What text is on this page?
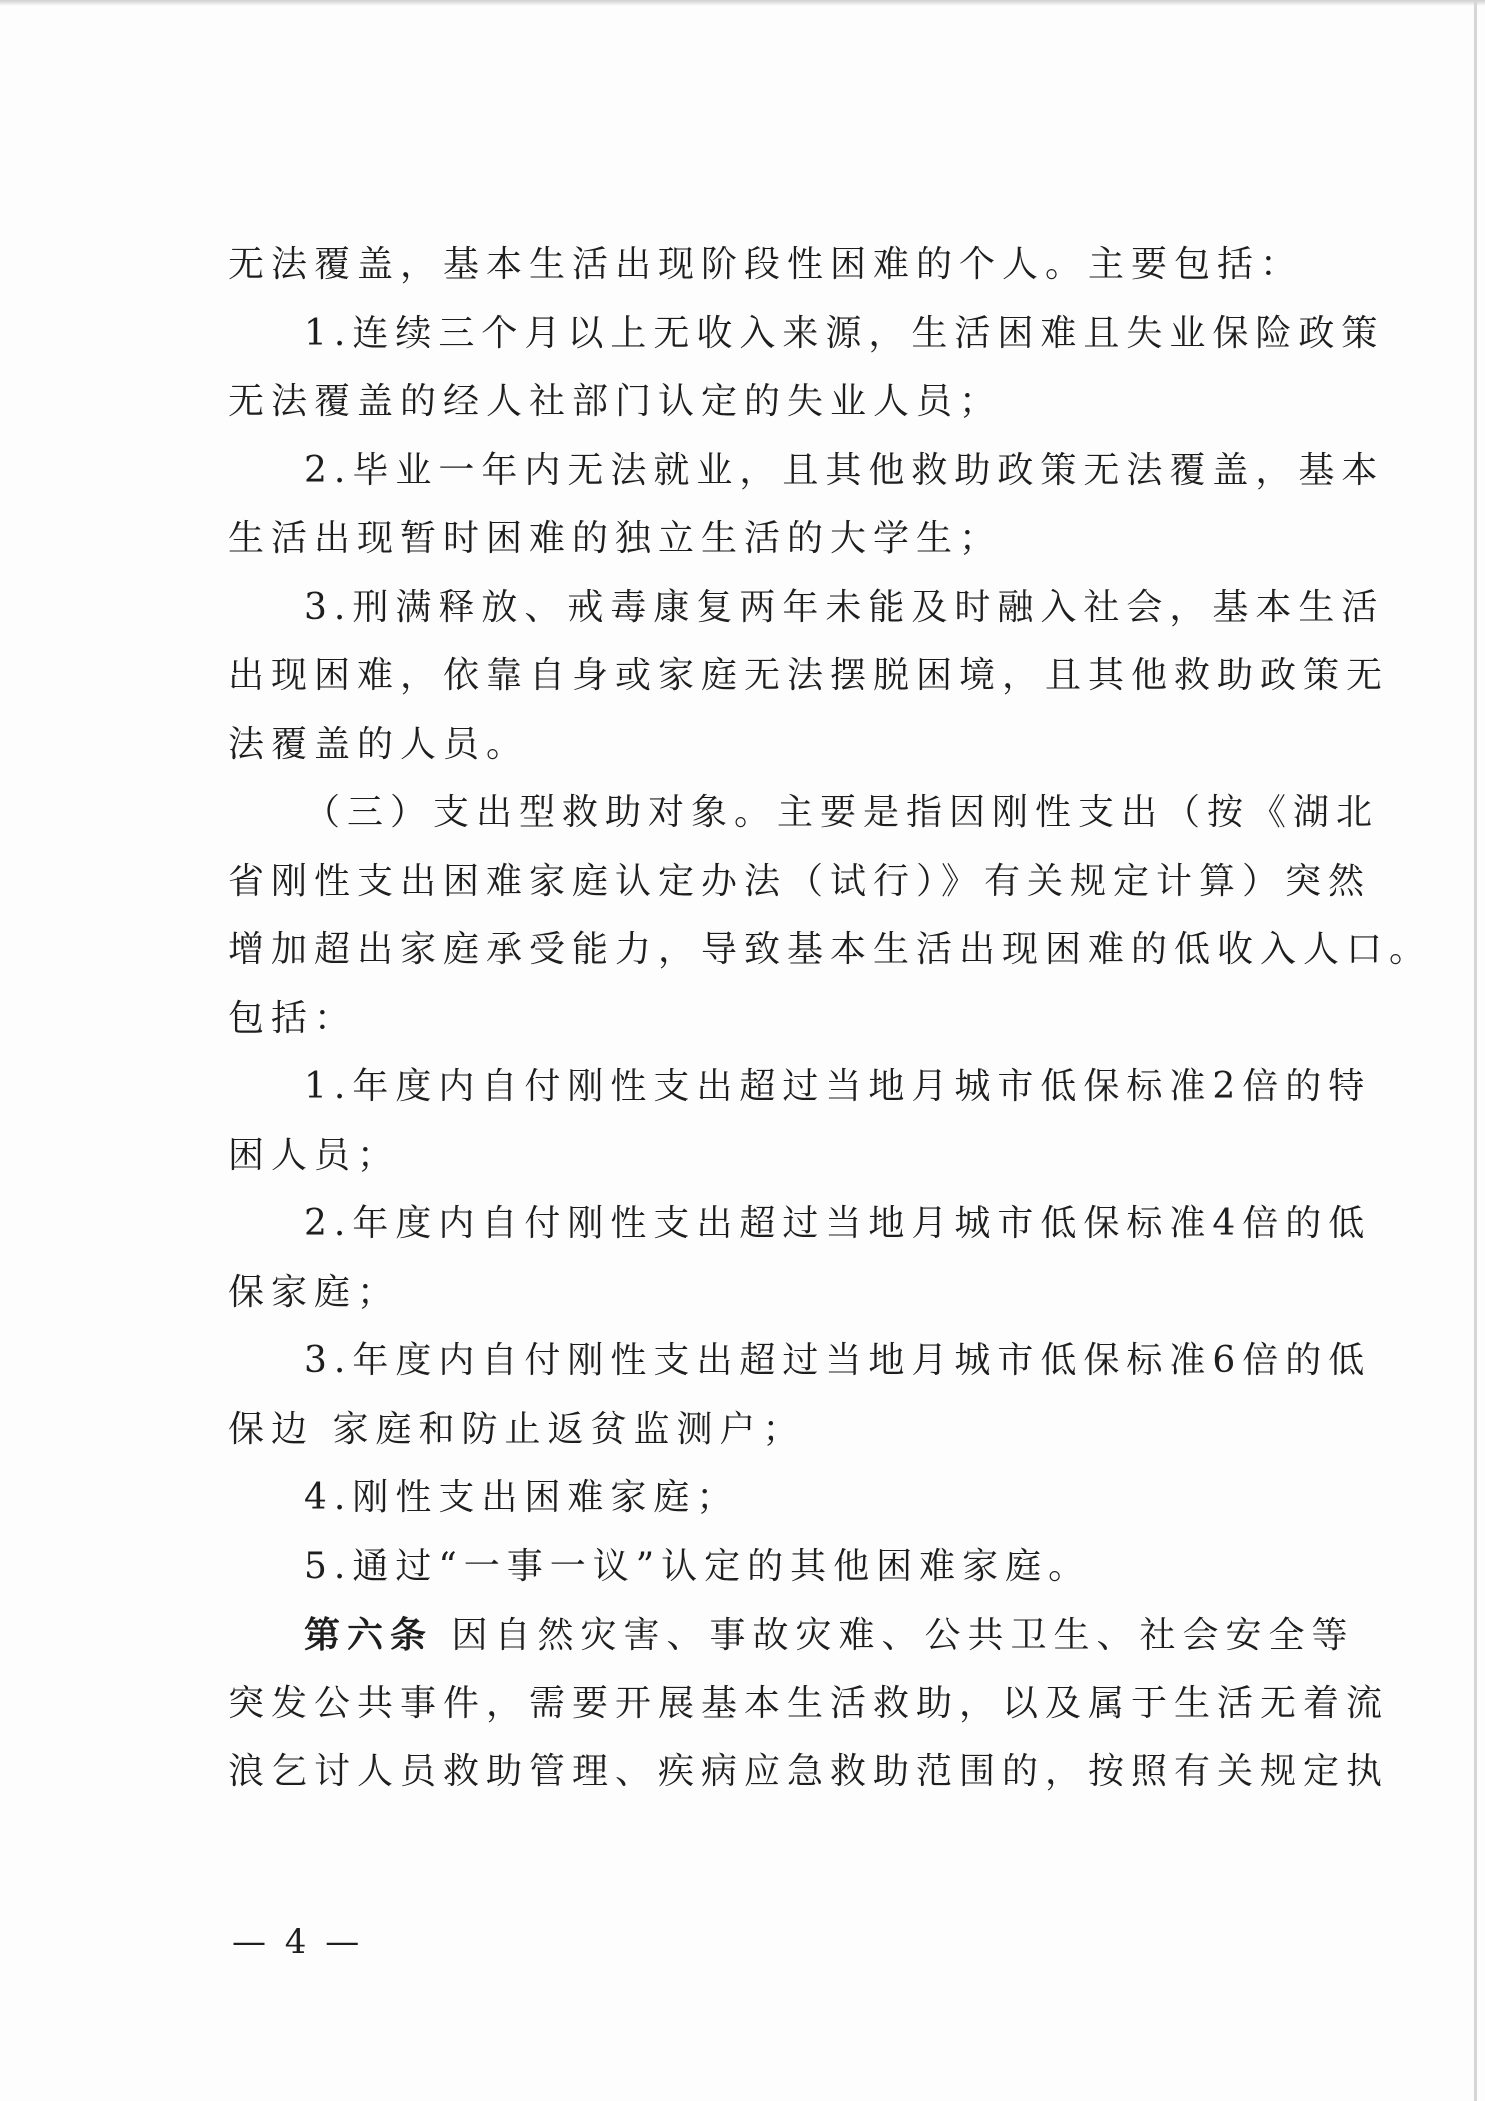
无法覆盖，基本生活出现阶段性困难的个人。主要包括：

1.连续三个月以上无收入来源，生活困难且失业保险政策

无法覆盖的经人社部门认定的失业人员；

2.毕业一年内无法就业，且其他救助政策无法覆盖，基本

生活出现暂时困难的独立生活的大学生；

3.刑满释放、戒毒康复两年未能及时融入社会，基本生活

出现困难，依靠自身或家庭无法摆脱困境，且其他救助政策无

法覆盖的人员。

（三）支出型救助对象。主要是指因刚性支出（按《湖北

省刚性支出困难家庭认定办法（试行）》有关规定计算）突然

增加超出家庭承受能力，导致基本生活出现困难的低收入人口。

包括：

1.年度内自付刚性支出超过当地月城市低保标准2倍的特

困人员；

2.年度内自付刚性支出超过当地月城市低保标准4倍的低

保家庭；

3.年度内自付刚性支出超过当地月城市低保标准6倍的低

保边 家庭和防止返贫监测户；

4.刚性支出困难家庭；

5.通过“一事一议”认定的其他困难家庭。

第六条 因自然灾害、事故灾难、公共卫生、社会安全等

突发公共事件，需要开展基本生活救助，以及属于生活无着流

浪乞讨人员救助管理、疾病应急救助范围的，按照有关规定执

— 4 —
